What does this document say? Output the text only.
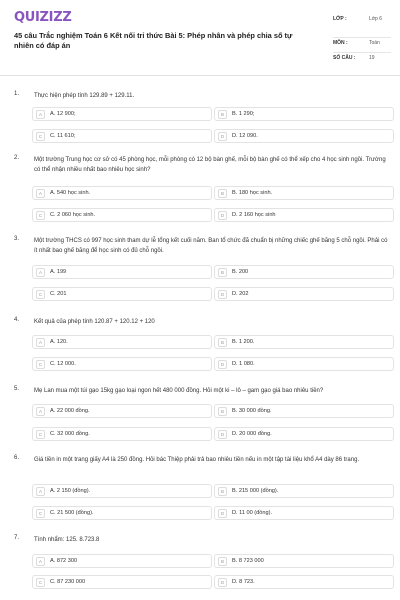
QUIZIZZ
45 câu Trắc nghiệm Toán 6 Kết nối tri thức Bài 5: Phép nhân và phép chia số tự nhiên có đáp án
LỚP :	Lớp 6
MÔN :	Toán
SỐ CÂU :	19
1. Thực hiện phép tính 129.89 + 129.11.
A	A. 12 900;	B	B. 1 290;
C	C. 11 610;	D	D. 12 090.
2. Một trường Trung học cơ sở có 45 phòng học, mỗi phòng có 12 bộ bàn ghế, mỗi bộ bàn ghế có thể xếp cho 4 học sinh ngồi. Trường có thể nhận nhiều nhất bao nhiêu học sinh?
A	A. 540 học sinh.	B	B. 180 học sinh.
C	C. 2 060 học sinh.	D	D. 2 160 học sinh
3. Một trường THCS có 997 học sinh tham dự lễ tổng kết cuối năm. Ban tổ chức đã chuẩn bị những chiếc ghế băng 5 chỗ ngồi. Phải có ít nhất bao ghế băng để học sinh có đủ chỗ ngồi.
A	A. 199	B	B. 200
C	C. 201	D	D. 202
4. Kết quả của phép tính 120.87 + 120.12 + 120
A	A. 120.	B	B. 1 200.
C	C. 12 000.	D	D. 1 080.
5. Mẹ Lan mua một túi gạo 15kg gạo loại ngon hết 480 000 đồng. Hỏi một ki – lô – gam gạo giá bao nhiêu tiền?
A	A. 22 000 đồng.	B	B. 30 000 đồng.
C	C. 32 000 đồng.	D	D. 20 000 đồng.
6. Giá tiền in một trang giấy A4 là 250 đồng. Hỏi bác Thiệp phải trả bao nhiêu tiền nếu in một tập tài liệu khổ A4 dày 86 trang.
A	A. 2 150 (đồng).	B	B. 215 000 (đồng).
C	C. 21 500 (đồng).	D	D. 11 00 (đồng).
7. Tính nhẩm: 125. 8.723.8
A	A. 872 300	B	B. 8 723 000
C	C. 87 230 000	D	D. 8 723.
